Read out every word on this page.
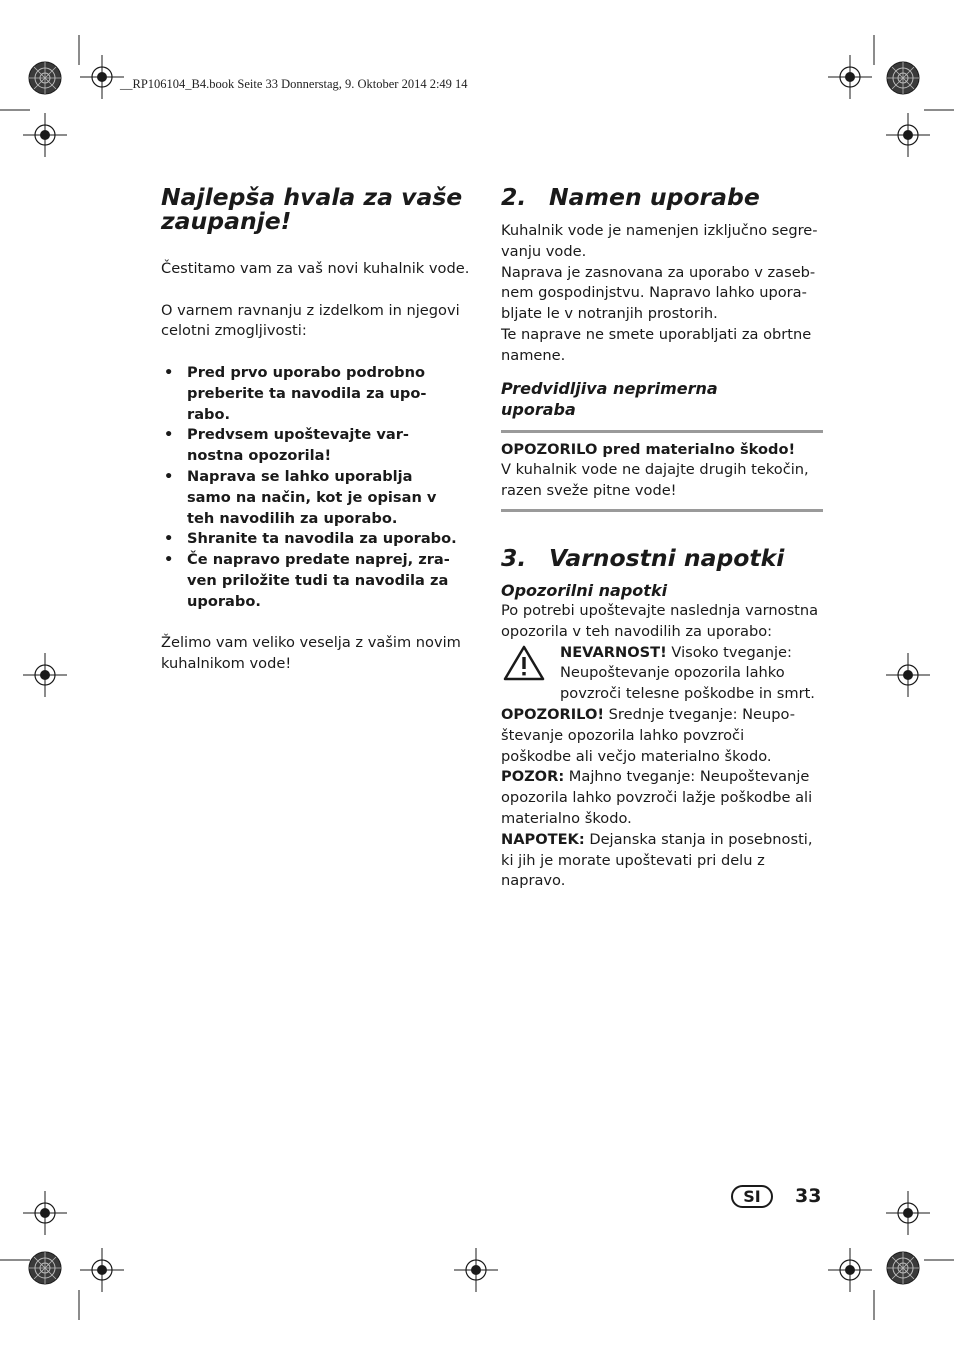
__RP106104_B4.book Seite 33 Donnerstag, 9. Oktober 2014 2:49 14
Najlepša hvala za vaše
zaupanje!

Čestitamo vam za vaš novi kuhalnik vode.

O varnem ravnanju z izdelkom in njegovi
celotni zmogljivosti:

• Pred prvo uporabo podrobno
preberite ta navodila za upo-
rabo.
• Predvsem upoštevajte var-
nostna opozorila!
• Naprava se lahko uporablja
samo na način, kot je opisan v
teh navodilih za uporabo.
• Shranite ta navodila za uporabo.
• Če napravo predate naprej, zra-
ven priložite tudi ta navodila za
uporabo.

Želimo vam veliko veselja z vašim novim
kuhalnikom vode!

2. Namen uporabe

Kuhalnik vode je namenjen izključno segre-
vanju vode.
Naprava je zasnovana za uporabo v zaseb-
nem gospodinjstvu. Napravo lahko upora-
bljate le v notranjih prostorih.
Te naprave ne smete uporabljati za obrtne
namene.

Predvidljiva neprimerna
uporaba
OPOZORILO pred materialno škodo!

V kuhalnik vode ne dajajte drugih tekočin,
razen sveže pitne vode!

3. Varnostni napotki
Opozorilni napotki

Po potrebi upoštevajte naslednja varnostna
opozorila v teh navodilih za uporabo:

NEVARNOST! Visoko tveganje:
Neupoštevanje opozorila lahko
povzroči telesne poškodbe in smrt.

OPOZORILO! Srednje tveganje: Neupo-
števanje opozorila lahko povzroči
poškodbe ali večjo materialno škodo.

POZOR: Majhno tveganje: Neupoštevanje
opozorila lahko povzroči lažje poškodbe ali
materialno škodo.

NAPOTEK: Dejanska stanja in posebnosti,
ki jih je morate upoštevati pri delu z
napravo.

SI	33
